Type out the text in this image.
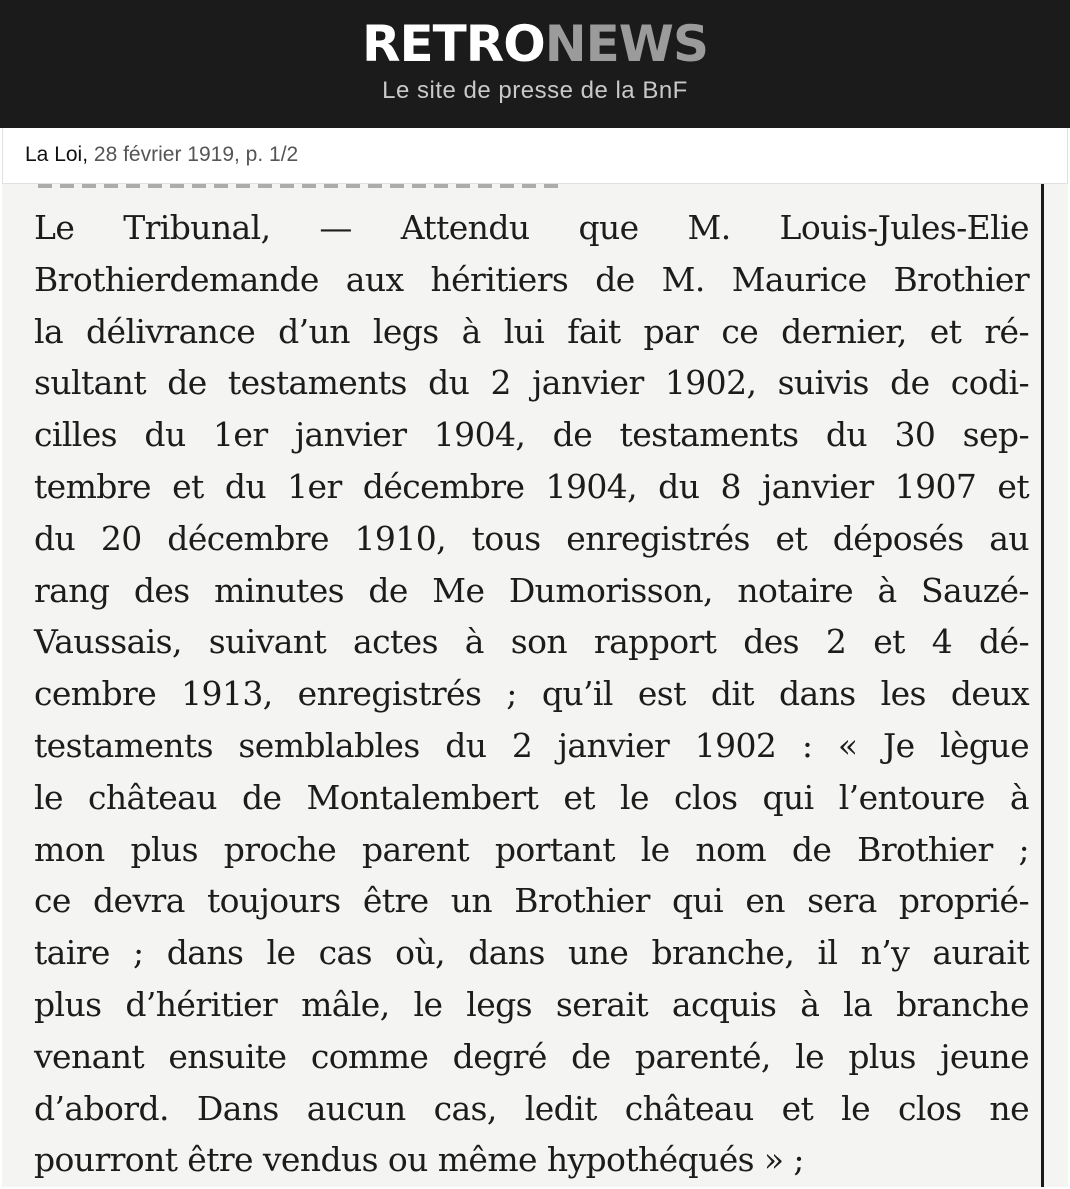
RETRONEWS
Le site de presse de la BnF
La Loi, 28 février 1919, p. 1/2
Le Tribunal, — Attendu que M. Louis-Jules-Elie
Brothierdemande aux héritiers de M. Maurice Brothier
la délivrance d’un legs à lui fait par ce dernier, et ré-
sultant de testaments du 2 janvier 1902, suivis de codi-
cilles du 1er janvier 1904, de testaments du 30 sep-
tembre et du 1er décembre 1904, du 8 janvier 1907 et
du 20 décembre 1910, tous enregistrés et déposés au
rang des minutes de Me Dumorisson, notaire à Sauzé-
Vaussais, suivant actes à son rapport des 2 et 4 dé-
cembre 1913, enregistrés ; qu’il est dit dans les deux
testaments semblables du 2 janvier 1902 : « Je lègue
le château de Montalembert et le clos qui l’entoure à
mon plus proche parent portant le nom de Brothier ;
ce devra toujours être un Brothier qui en sera proprié-
taire ; dans le cas où, dans une branche, il n’y aurait
plus d’héritier mâle, le legs serait acquis à la branche
venant ensuite comme degré de parenté, le plus jeune
d’abord. Dans aucun cas, ledit château et le clos ne
pourront être vendus ou même hypothéqués » ;
